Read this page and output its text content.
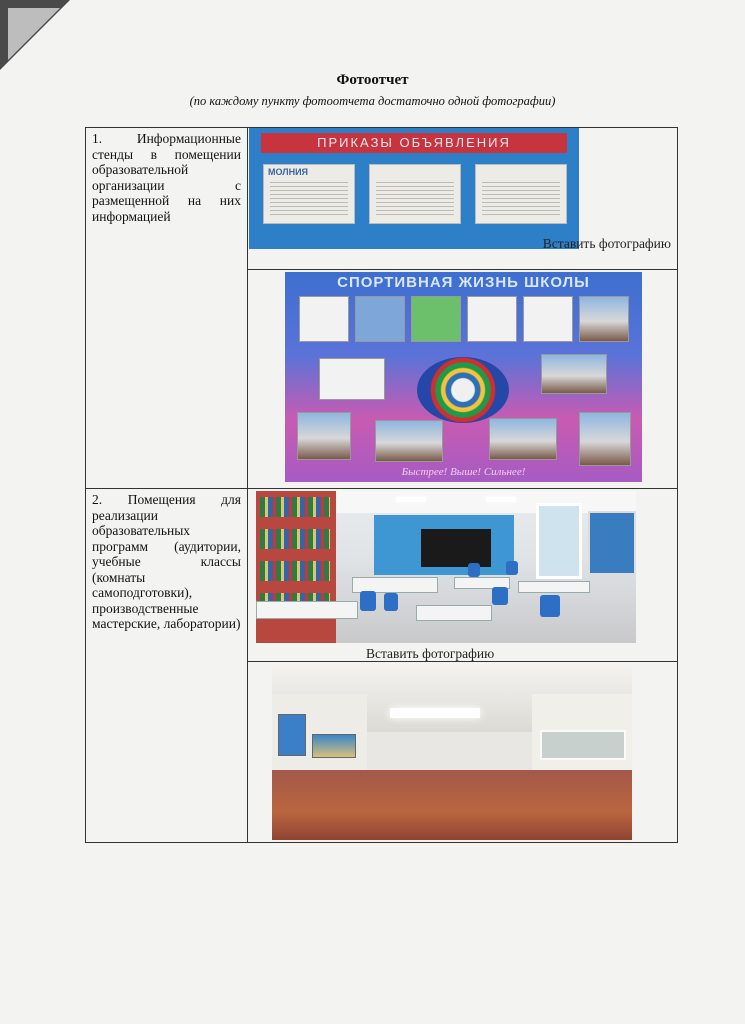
Фотоотчет
(по каждому пункту фотоотчета достаточно одной фотографии)
1. Информационные стенды в помещении образовательной организации с размещенной на них информацией	ПРИКАЗЫ ОБЪЯВЛЕНИЯ
МОЛНИЯ
Вставить фотографию

	СПОРТИВНАЯ ЖИЗНЬ ШКОЛЫ
Быстрее! Выше! Сильнее!

2. Помещения для реализации образовательных программ (аудитории, учебные классы (комнаты самоподготовки), производственные мастерские, лаборатории)	Вставить фотографию
